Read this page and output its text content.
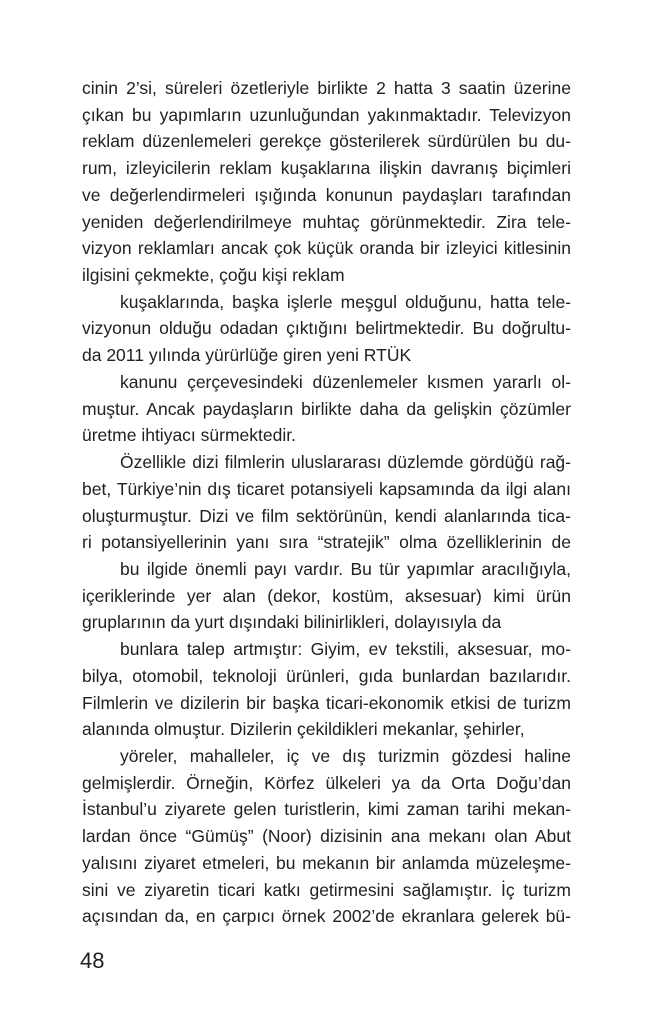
cinin 2’si, süreleri özetleriyle birlikte 2 hatta 3 saatin üzerine
çıkan bu yapımların uzunluğundan yakınmaktadır. Televizyon
reklam düzenlemeleri gerekçe gösterilerek sürdürülen bu du-
rum, izleyicilerin reklam kuşaklarına ilişkin davranış biçimleri
ve değerlendirmeleri ışığında konunun paydaşları tarafından
yeniden değerlendirilmeye muhtaç görünmektedir. Zira tele-
vizyon reklamları ancak çok küçük oranda bir izleyici kitlesinin
ilgisini çekmekte, çoğu kişi reklam
kuşaklarında, başka işlerle meşgul olduğunu, hatta tele-
vizyonun olduğu odadan çıktığını belirtmektedir. Bu doğrultu-
da 2011 yılında yürürlüğe giren yeni RTÜK
kanunu çerçevesindeki düzenlemeler kısmen yararlı ol-
muştur. Ancak paydaşların birlikte daha da gelişkin çözümler
üretme ihtiyacı sürmektedir.
Özellikle dizi filmlerin uluslararası düzlemde gördüğü rağ-
bet, Türkiye’nin dış ticaret potansiyeli kapsamında da ilgi alanı
oluşturmuştur. Dizi ve film sektörünün, kendi alanlarında tica-
ri potansiyellerinin yanı sıra “stratejik” olma özelliklerinin de
bu ilgide önemli payı vardır. Bu tür yapımlar aracılığıyla,
içeriklerinde yer alan (dekor, kostüm, aksesuar) kimi ürün
gruplarının da yurt dışındaki bilinirlikleri, dolayısıyla da
bunlara talep artmıştır: Giyim, ev tekstili, aksesuar, mo-
bilya, otomobil, teknoloji ürünleri, gıda bunlardan bazılarıdır.
Filmlerin ve dizilerin bir başka ticari-ekonomik etkisi de turizm
alanında olmuştur. Dizilerin çekildikleri mekanlar, şehirler,
yöreler, mahalleler, iç ve dış turizmin gözdesi haline
gelmişlerdir. Örneğin, Körfez ülkeleri ya da Orta Doğu’dan
İstanbul’u ziyarete gelen turistlerin, kimi zaman tarihi mekan-
lardan önce “Gümüş” (Noor) dizisinin ana mekanı olan Abut
yalısını ziyaret etmeleri, bu mekanın bir anlamda müzeleşme-
sini ve ziyaretin ticari katkı getirmesini sağlamıştır. İç turizm
açısından da, en çarpıcı örnek 2002’de ekranlara gelerek bü-
48
